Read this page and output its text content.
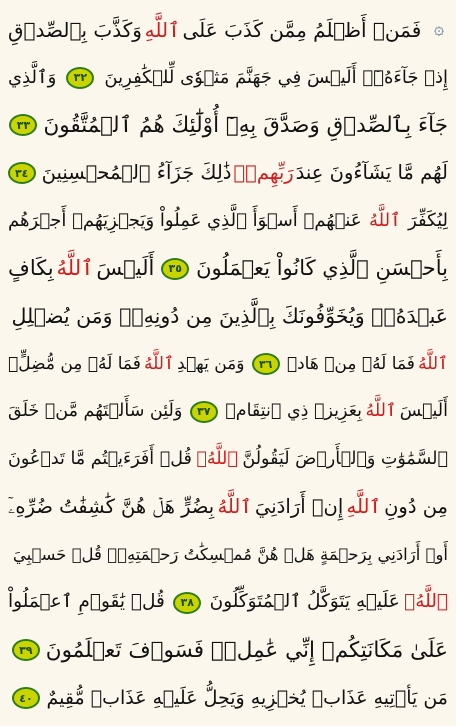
۞
فَمَنۡ أَظۡلَمُ مِمَّن كَذَبَ عَلَى
ٱللَّهِ
وَكَذَّبَ بِٱلصِّدۡقِ
إِذۡ جَآءَهُۥٓۚ أَلَيۡسَ فِي جَهَنَّمَ مَثۡوٗى لِّلۡكَٰفِرِينَ
٣٢
وَٱلَّذِي
جَآءَ بِٱلصِّدۡقِ وَصَدَّقَ بِهِۦٓ أُوْلَٰٓئِكَ هُمُ ٱلۡمُتَّقُونَ
٣٣
لَهُم مَّا يَشَآءُونَ عِندَ
رَبِّهِمۡۚ
ذَٰلِكَ جَزَآءُ ٱلۡمُحۡسِنِينَ
٣٤
لِيُكَفِّرَ
ٱللَّهُ
عَنۡهُمۡ أَسۡوَأَ ٱلَّذِي عَمِلُواْ وَيَجۡزِيَهُمۡ أَجۡرَهُم
بِأَحۡسَنِ ٱلَّذِي كَانُواْ يَعۡمَلُونَ
٣٥
أَلَيۡسَ
ٱللَّهُ
بِكَافٍ
عَبۡدَهُۥۖ وَيُخَوِّفُونَكَ بِٱلَّذِينَ مِن دُونِهِۦۚ وَمَن يُضۡلِلِ
ٱللَّهُ
فَمَا لَهُۥ مِنۡ هَادٖ
٣٦
وَمَن يَهۡدِ
ٱللَّهُ
فَمَا لَهُۥ مِن مُّضِلٍّۗ
أَلَيۡسَ
ٱللَّهُ
بِعَزِيزٖ ذِي ٱنتِقَامٖ
٣٧
وَلَئِن سَأَلۡتَهُم مَّنۡ خَلَقَ
ٱلسَّمَٰوَٰتِ وَٱلۡأَرۡضَ لَيَقُولُنَّ
ٱللَّهُۚ
قُلۡ أَفَرَءَيۡتُم مَّا تَدۡعُونَ
مِن دُونِ
ٱللَّهِ
إِنۡ أَرَادَنِيَ
ٱللَّهُ
بِضُرٍّ هَلۡ هُنَّ كَٰشِفَٰتُ ضُرِّهِۦٓ
أَوۡ أَرَادَنِي بِرَحۡمَةٍ هَلۡ هُنَّ مُمۡسِكَٰتُ رَحۡمَتِهِۦۚ قُلۡ حَسۡبِيَ
ٱللَّهُۖ
عَلَيۡهِ يَتَوَكَّلُ ٱلۡمُتَوَكِّلُونَ
٣٨
قُلۡ يَٰقَوۡمِ ٱعۡمَلُواْ
عَلَىٰ مَكَانَتِكُمۡ إِنِّي عَٰمِلٞۖ فَسَوۡفَ تَعۡلَمُونَ
٣٩
مَن يَأۡتِيهِ عَذَابٞ يُخۡزِيهِ وَيَحِلُّ عَلَيۡهِ عَذَابٞ مُّقِيمٌ
٤٠
